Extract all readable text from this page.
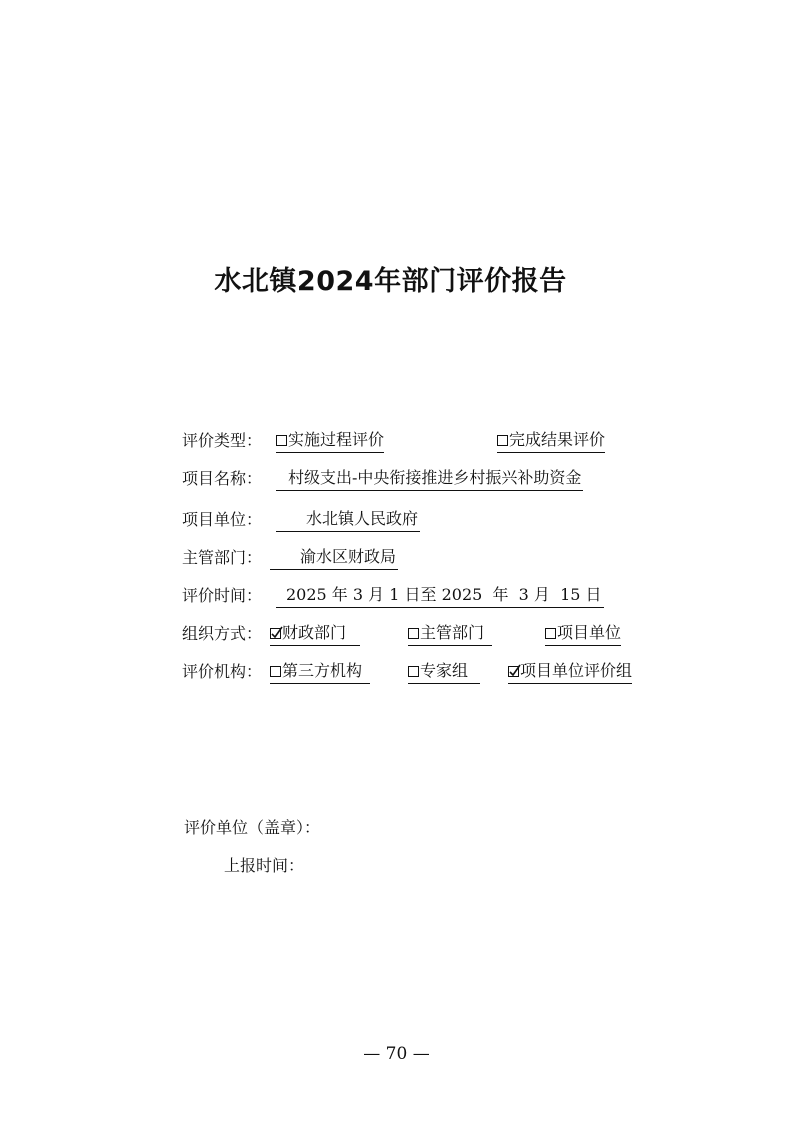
水北镇2024年部门评价报告
评价类型：	实施过程评价	完成结果评价
项目名称：	村级支出-中央衔接推进乡村振兴补助资金
项目单位：	水北镇人民政府
主管部门：	渝水区财政局
评价时间：	2025 年 3 月 1 日至 2025  年  3 月  15 日
组织方式：	财政部门	主管部门	项目单位
评价机构：	第三方机构	专家组	项目单位评价组
评价单位（盖章）：
上报时间：
— 70 —
